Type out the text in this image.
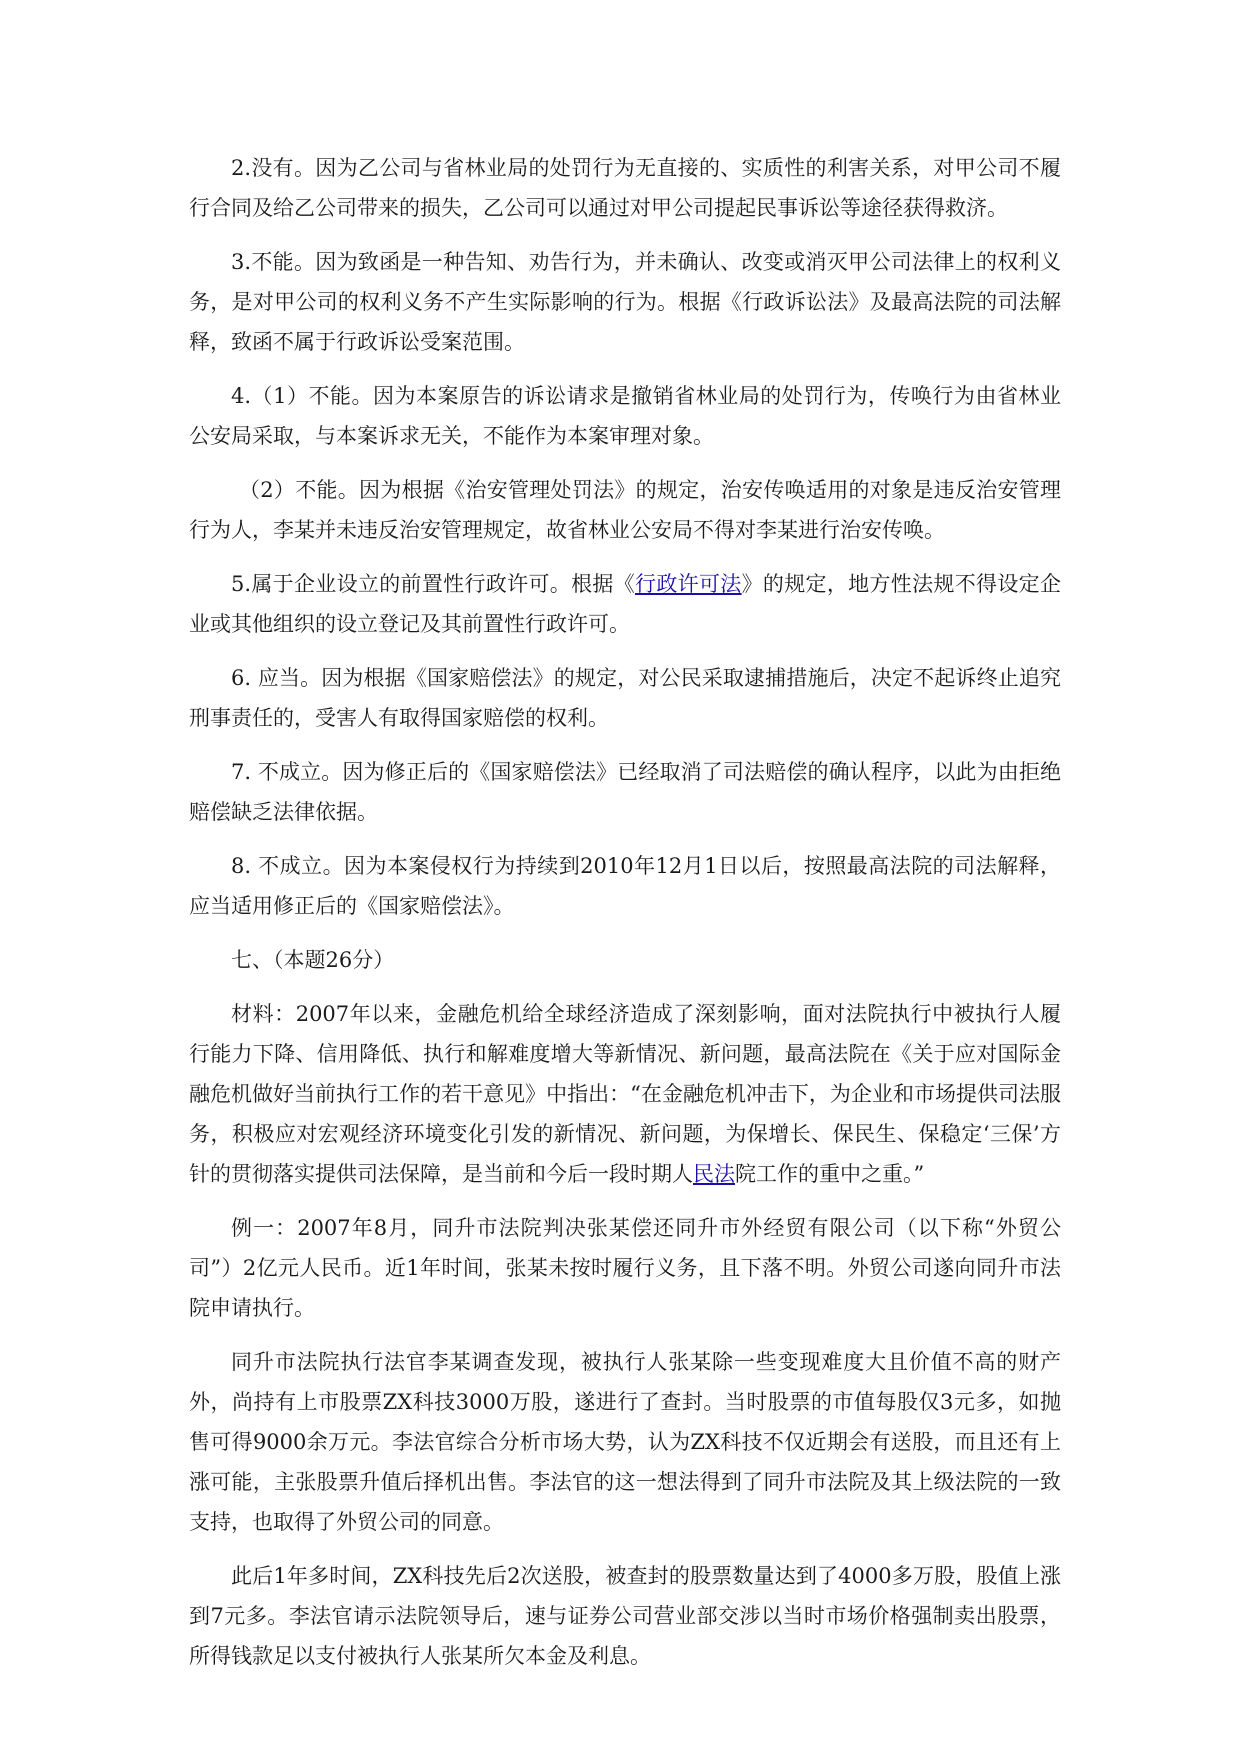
2.没有。因为乙公司与省林业局的处罚行为无直接的、实质性的利害关系，对甲公司不履行合同及给乙公司带来的损失，乙公司可以通过对甲公司提起民事诉讼等途径获得救济。

3.不能。因为致函是一种告知、劝告行为，并未确认、改变或消灭甲公司法律上的权利义务，是对甲公司的权利义务不产生实际影响的行为。根据《行政诉讼法》及最高法院的司法解释，致函不属于行政诉讼受案范围。

4.（1）不能。因为本案原告的诉讼请求是撤销省林业局的处罚行为，传唤行为由省林业公安局采取，与本案诉求无关，不能作为本案审理对象。

（2）不能。因为根据《治安管理处罚法》的规定，治安传唤适用的对象是违反治安管理行为人，李某并未违反治安管理规定，故省林业公安局不得对李某进行治安传唤。

5.属于企业设立的前置性行政许可。根据《行政许可法》的规定，地方性法规不得设定企业或其他组织的设立登记及其前置性行政许可。

6. 应当。因为根据《国家赔偿法》的规定，对公民采取逮捕措施后，决定不起诉终止追究刑事责任的，受害人有取得国家赔偿的权利。

7. 不成立。因为修正后的《国家赔偿法》已经取消了司法赔偿的确认程序，以此为由拒绝赔偿缺乏法律依据。

8. 不成立。因为本案侵权行为持续到2010年12月1日以后，按照最高法院的司法解释，应当适用修正后的《国家赔偿法》。

七、（本题26分）

材料：2007年以来，金融危机给全球经济造成了深刻影响，面对法院执行中被执行人履行能力下降、信用降低、执行和解难度增大等新情况、新问题，最高法院在《关于应对国际金融危机做好当前执行工作的若干意见》中指出：“在金融危机冲击下，为企业和市场提供司法服务，积极应对宏观经济环境变化引发的新情况、新问题，为保增长、保民生、保稳定‘三保’方针的贯彻落实提供司法保障，是当前和今后一段时期人民法院工作的重中之重。”

例一：2007年8月，同升市法院判决张某偿还同升市外经贸有限公司（以下称“外贸公司”）2亿元人民币。近1年时间，张某未按时履行义务，且下落不明。外贸公司遂向同升市法院申请执行。

同升市法院执行法官李某调查发现，被执行人张某除一些变现难度大且价值不高的财产外，尚持有上市股票ZX科技3000万股，遂进行了查封。当时股票的市值每股仅3元多，如抛售可得9000余万元。李法官综合分析市场大势，认为ZX科技不仅近期会有送股，而且还有上涨可能，主张股票升值后择机出售。李法官的这一想法得到了同升市法院及其上级法院的一致支持，也取得了外贸公司的同意。

此后1年多时间，ZX科技先后2次送股，被查封的股票数量达到了4000多万股，股值上涨到7元多。李法官请示法院领导后，速与证券公司营业部交涉以当时市场价格强制卖出股票，所得钱款足以支付被执行人张某所欠本金及利息。
